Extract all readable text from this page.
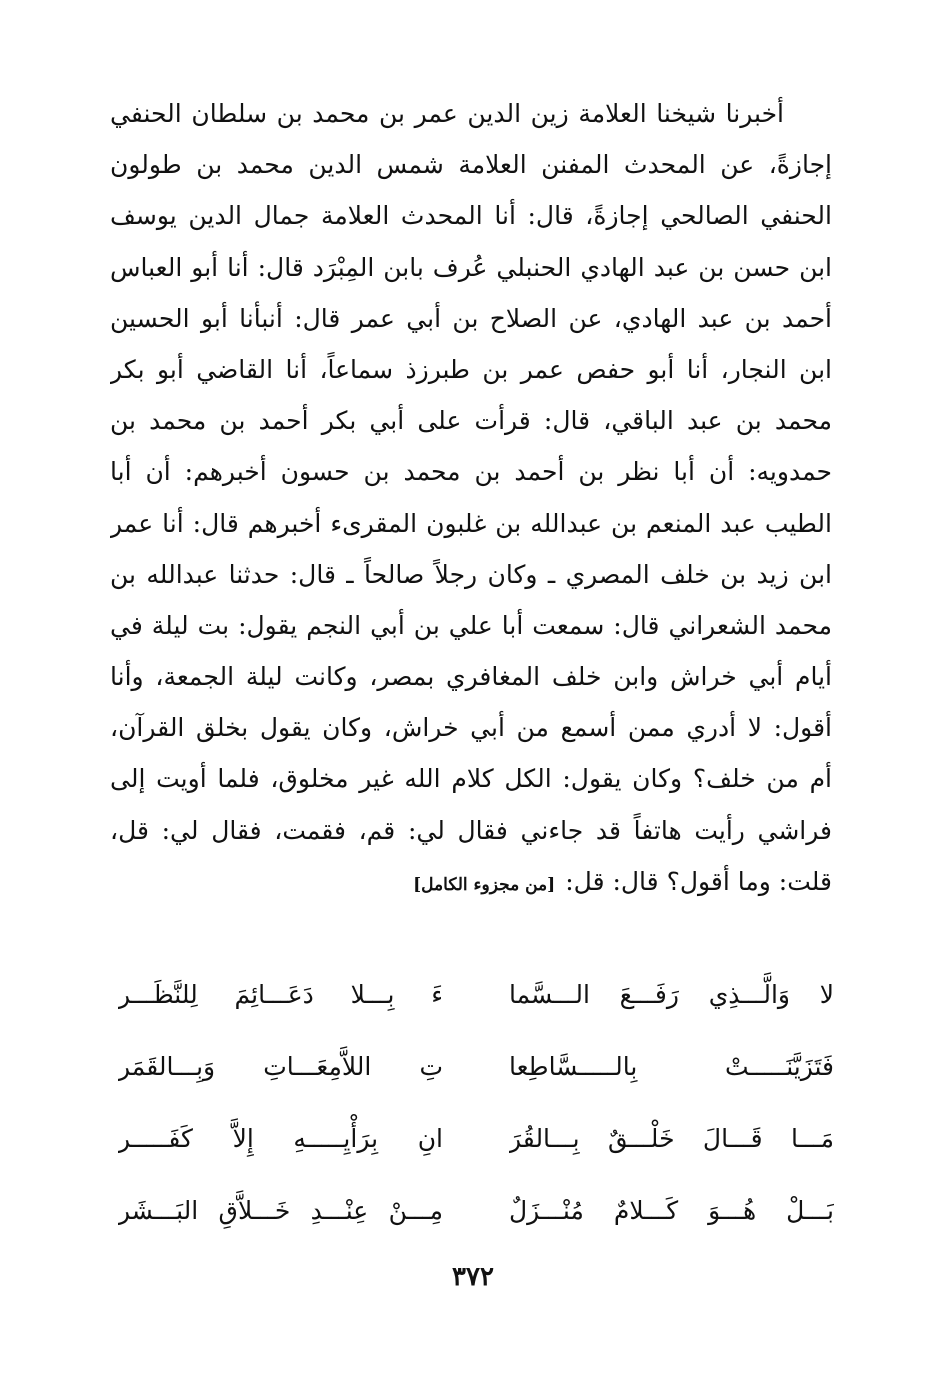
أخبرنا شيخنا العلامة زين الدين عمر بن محمد بن سلطان الحنفي
إجازةً، عن المحدث المفنن العلامة شمس الدين محمد بن طولون
الحنفي الصالحي إجازةً، قال: أنا المحدث العلامة جمال الدين يوسف
ابن حسن بن عبد الهادي الحنبلي عُرف بابن المِبْرَد قال: أنا أبو العباس
أحمد بن عبد الهادي، عن الصلاح بن أبي عمر قال: أنبأنا أبو الحسين
ابن النجار، أنا أبو حفص عمر بن طبرزذ سماعاً، أنا القاضي أبو بكر
محمد بن عبد الباقي، قال: قرأت على أبي بكر أحمد بن محمد بن
حمدويه: أن أبا نظر بن أحمد بن محمد بن حسون أخبرهم: أن أبا
الطيب عبد المنعم بن عبدالله بن غلبون المقرىء أخبرهم قال: أنا عمر
ابن زيد بن خلف المصري ـ وكان رجلاً صالحاً ـ قال: حدثنا عبدالله بن
محمد الشعراني قال: سمعت أبا علي بن أبي النجم يقول: بت ليلة في
أيام أبي خراش وابن خلف المغافري بمصر، وكانت ليلة الجمعة، وأنا
أقول: لا أدري ممن أسمع من أبي خراش، وكان يقول بخلق القرآن،
أم من خلف؟ وكان يقول: الكل كلام الله غير مخلوق، فلما أويت إلى
فراشي رأيت هاتفاً قد جاءني فقال لي: قم، فقمت، فقال لي: قل،
قلت: وما أقول؟ قال: قل:[من مجزوء الكامل]
لا وَالَّـــذِي رَفَـــعَ الـــسَّما
ءَ بِـــلا دَعَـــائِمَ لِلنَّظَـــر
فَتَزَيَّنَـــــتْ بِالـــــسَّاطِعا
تِ اللاَّمِعَـــاتِ وَبِـــالقَمَر
مَـــا قَـــالَ خَلْـــقٌ بِـــالقُرَ
انِ بِرَأْيِـــــهِ إِلاَّ كَفَـــــر
بَـــلْ هُـــوَ كَـــلامٌ مُنْـــزَلٌ
مِـــنْ عِنْـــدِ خَـــلاَّقِ البَـــشَر
٣٧٢
